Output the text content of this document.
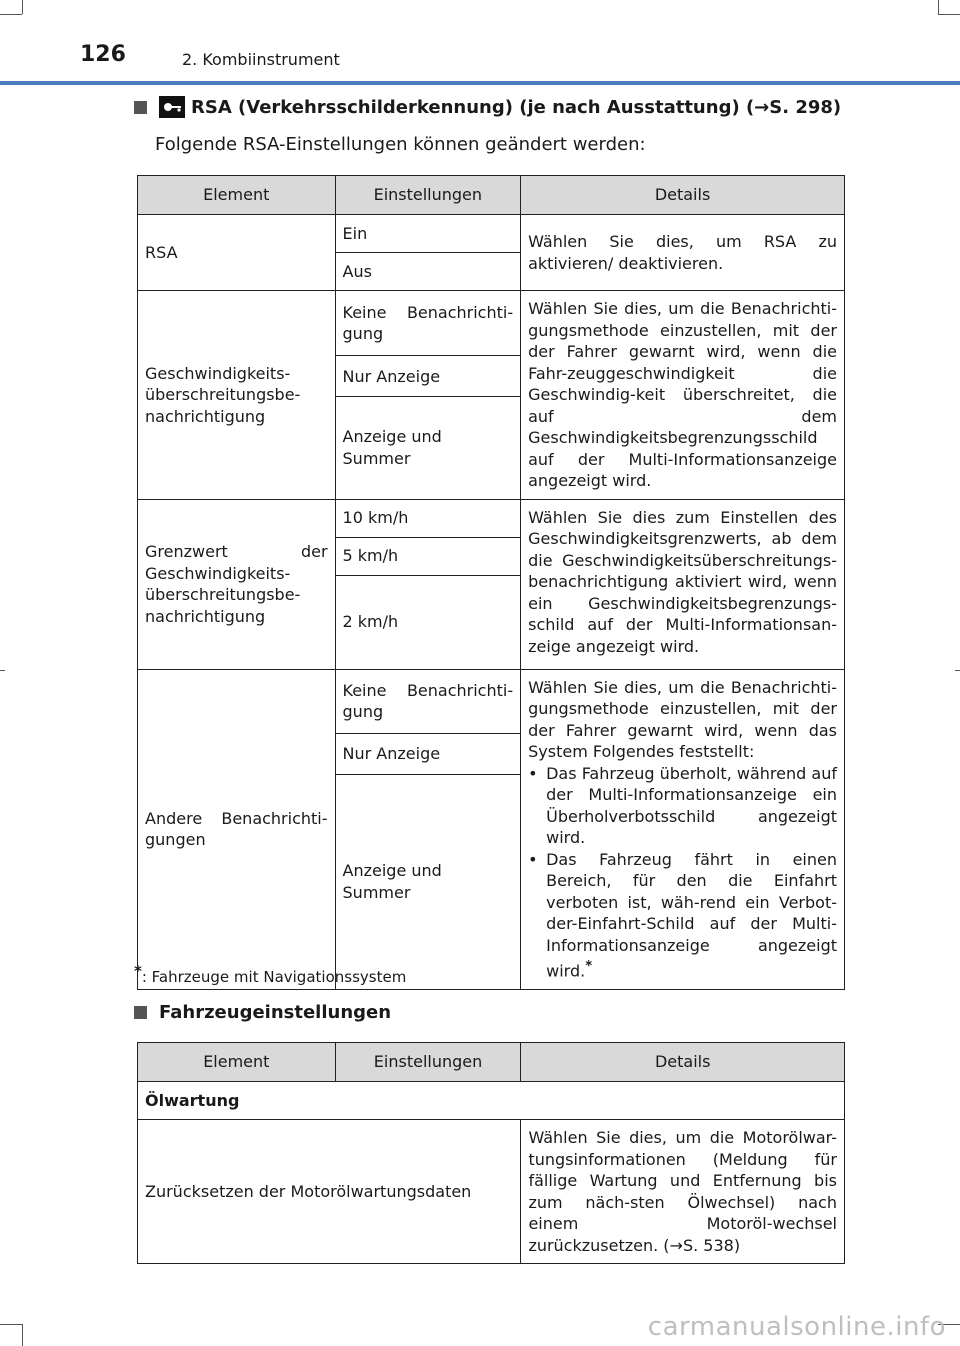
126	2. Kombiinstrument
RSA (Verkehrsschilderkennung) (je nach Ausstattung) (→S. 298)
Folgende RSA-Einstellungen können geändert werden:
Element	Einstellungen	Details
RSA	Ein	Wählen Sie dies, um RSA zu aktivieren/ deaktivieren.
	Aus	
Geschwindigkeits-überschreitungsbe-nachrichtigung	Keine Benachrichti-gung	Wählen Sie dies, um die Benachrichti-gungsmethode einzustellen, mit der der Fahrer gewarnt wird, wenn die Fahr-zeuggeschwindigkeit die Geschwindig-keit überschreitet, die auf dem Geschwindigkeitsbegrenzungsschild auf der Multi-Informationsanzeige angezeigt wird.
	Nur Anzeige	
	Anzeige und Summer	
Grenzwert der Geschwindigkeits-überschreitungsbe-nachrichtigung	10 km/h	Wählen Sie dies zum Einstellen des Geschwindigkeitsgrenzwerts, ab dem die Geschwindigkeitsüberschreitungs-benachrichtigung aktiviert wird, wenn ein Geschwindigkeitsbegrenzungs-schild auf der Multi-Informationsan-zeige angezeigt wird.
	5 km/h	
	2 km/h	
Andere Benachrichti-gungen	Keine Benachrichti-gung	Wählen Sie dies, um die Benachrichti-gungsmethode einzustellen, mit der der Fahrer gewarnt wird, wenn das System Folgendes feststellt:
• Das Fahrzeug überholt, während auf der Multi-Informationsanzeige ein Überholverbotsschild angezeigt wird.
• Das Fahrzeug fährt in einen Bereich, für den die Einfahrt verboten ist, wäh-rend ein Verbot-der-Einfahrt-Schild auf der Multi-Informationsanzeige angezeigt wird.*

	Nur Anzeige	
	Anzeige und Summer	
*: Fahrzeuge mit Navigationssystem
Fahrzeugeinstellungen
Element	Einstellungen	Details
Ölwartung		
Zurücksetzen der Motorölwartungsdaten		Wählen Sie dies, um die Motorölwar-tungsinformationen (Meldung für fällige Wartung und Entfernung bis zum näch-sten Ölwechsel) nach einem Motoröl-wechsel zurückzusetzen. (→S. 538)
carmanualsonline.info
